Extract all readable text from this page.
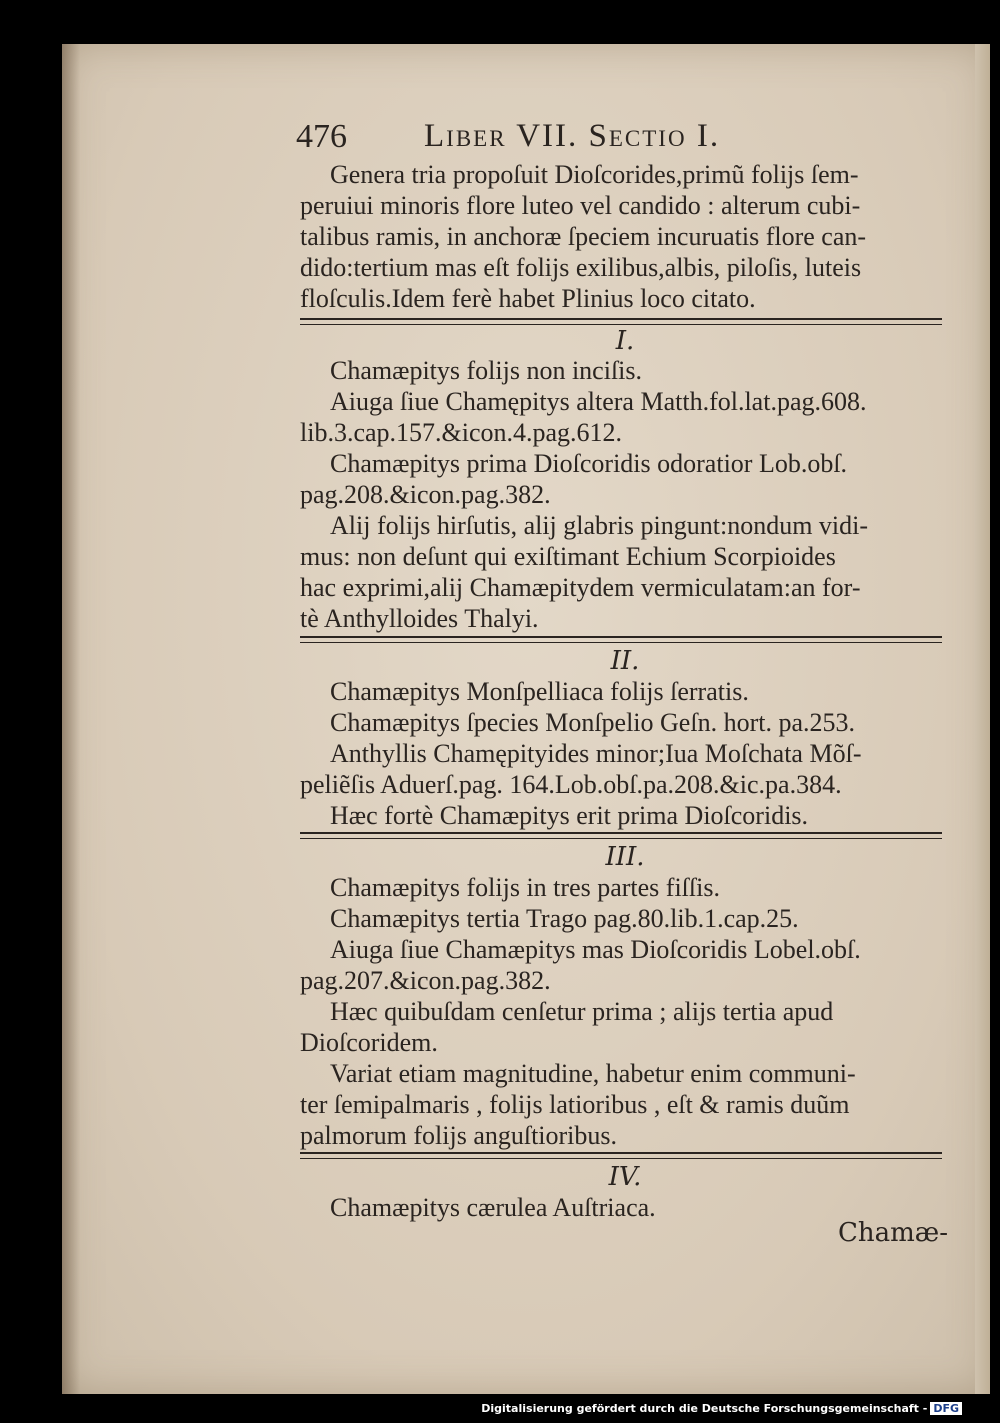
476 Liber VII. Sectio I.
Genera tria propoſuit Dioſcorides,primũ folijs ſem-
peruiui minoris flore luteo vel candido : alterum cubi-
talibus ramis, in anchoræ ſpeciem incuruatis flore can-
dido:tertium mas eſt folijs exilibus,albis, piloſis, luteis
floſculis.Idem ferè habet Plinius loco citato.
I.
Chamæpitys folijs non inciſis.
Aiuga ſiue Chamępitys altera Matth.fol.lat.pag.608.
lib.3.cap.157.&icon.4.pag.612.
Chamæpitys prima Dioſcoridis odoratior Lob.obſ.
pag.208.&icon.pag.382.
Alij folijs hirſutis, alij glabris pingunt:nondum vidi-
mus: non deſunt qui exiſtimant Echium Scorpioides
hac exprimi,alij Chamæpitydem vermiculatam:an for-
tè Anthylloides Thalyi.
II.
Chamæpitys Monſpelliaca folijs ſerratis.
Chamæpitys ſpecies Monſpelio Geſn. hort. pa.253.
Anthyllis Chamępityides minor;Iua Moſchata Mõſ-
peliẽſis Aduerſ.pag. 164.Lob.obſ.pa.208.&ic.pa.384.
Hæc fortè Chamæpitys erit prima Dioſcoridis.
III.
Chamæpitys folijs in tres partes fiſſis.
Chamæpitys tertia Trago pag.80.lib.1.cap.25.
Aiuga ſiue Chamæpitys mas Dioſcoridis Lobel.obſ.
pag.207.&icon.pag.382.
Hæc quibuſdam cenſetur prima ; alijs tertia apud
Dioſcoridem.
Variat etiam magnitudine, habetur enim communi-
ter ſemipalmaris , folijs latioribus , eſt & ramis duũm
palmorum folijs anguſtioribus.
IV.
Chamæpitys cærulea Auſtriaca.
Chamæ-
Digitalisierung gefördert durch die Deutsche Forschungsgemeinschaft - DFG
